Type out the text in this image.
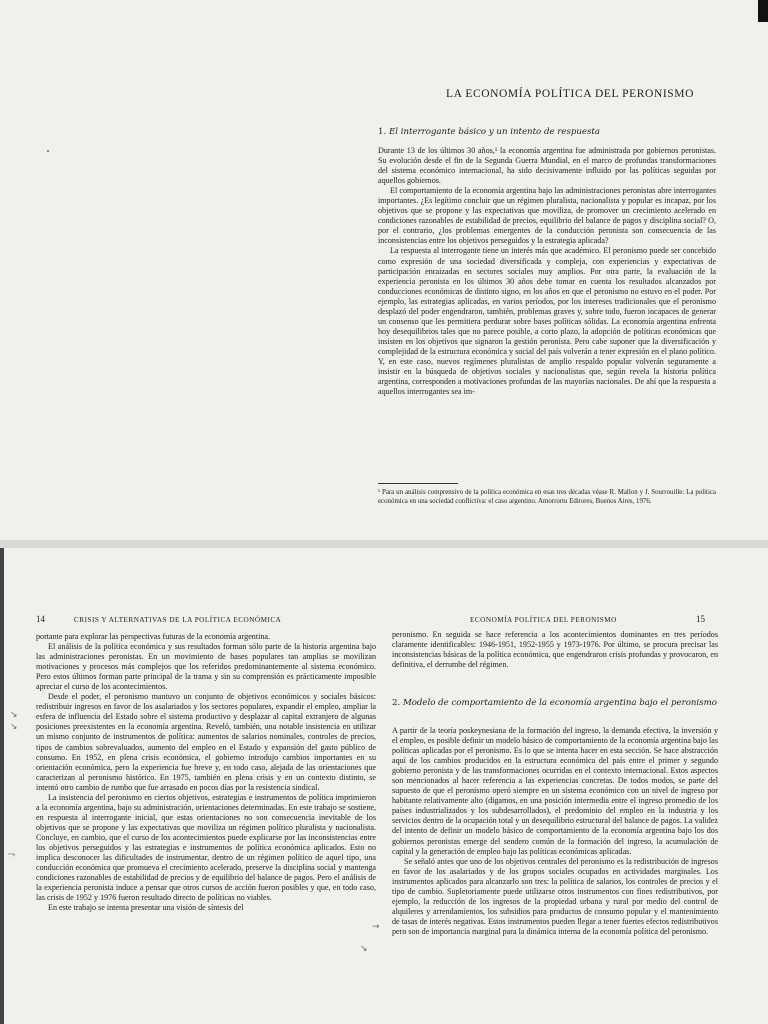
LA ECONOMÍA POLÍTICA DEL PERONISMO
1. El interrogante básico y un intento de respuesta

Durante 13 de los últimos 30 años,¹ la economía argentina fue administrada por gobiernos peronistas. Su evolución desde el fin de la Segunda Guerra Mundial, en el marco de profundas transformaciones del sistema económico internacional, ha sido decisivamente influido por las políticas seguidas por aquellos gobiernos.

El comportamiento de la economía argentina bajo las administraciones peronistas abre interrogantes importantes. ¿Es legítimo concluir que un régimen pluralista, nacionalista y popular es incapaz, por los objetivos que se propone y las expectativas que moviliza, de promover un crecimiento acelerado en condiciones razonables de estabilidad de precios, equilibrio del balance de pagos y disciplina social? O, por el contrario, ¿los problemas emergentes de la conducción peronista son consecuencia de las inconsistencias entre los objetivos perseguidos y la estrategia aplicada?

La respuesta al interrogante tiene un interés más que académico. El peronismo puede ser concebido como expresión de una sociedad diversificada y compleja, con experiencias y expectativas de participación enraizadas en sectores sociales muy amplios. Por otra parte, la evaluación de la experiencia peronista en los últimos 30 años debe tomar en cuenta los resultados alcanzados por conducciones económicas de distinto signo, en los años en que el peronismo no estuvo en el poder. Por ejemplo, las estrategias aplicadas, en varios períodos, por los intereses tradicionales que el peronismo desplazó del poder engendraron, también, problemas graves y, sobre todo, fueron incapaces de generar un consenso que les permitiera perdurar sobre bases políticas sólidas. La economía argentina enfrenta hoy desequilibrios tales que no parece posible, a corto plazo, la adopción de políticas económicas que insisten en los objetivos que signaron la gestión peronista. Pero cabe suponer que la diversificación y complejidad de la estructura económica y social del país volverán a tener expresión en el plano político. Y, en este caso, nuevos regímenes pluralistas de amplio respaldo popular volverán seguramente a insistir en la búsqueda de objetivos sociales y nacionalistas que, según revela la historia política argentina, corresponden a motivaciones profundas de las mayorías nacionales. De ahí que la respuesta a aquellos interrogantes sea im-

¹ Para un análisis comprensivo de la política económica en esas tres décadas véase R. Mallon y J. Sourrouille: La política económica en una sociedad conflictiva: el caso argentino. Amorrortu Editores, Buenos Aires, 1976.
14	CRISIS Y ALTERNATIVAS DE LA POLÍTICA ECONÓMICA

portante para explorar las perspectivas futuras de la economía argentina.

El análisis de la política económica y sus resultados forman sólo parte de la historia argentina bajo las administraciones peronistas. En un movimiento de bases populares tan amplias se movilizan motivaciones y procesos más complejos que los referidos predominantemente al sistema económico. Pero estos últimos forman parte principal de la trama y sin su comprensión es prácticamente imposible apreciar el curso de los acontecimientos.

Desde el poder, el peronismo mantuvo un conjunto de objetivos económicos y sociales básicos: redistribuir ingresos en favor de los asalariados y los sectores populares, expandir el empleo, ampliar la esfera de influencia del Estado sobre el sistema productivo y desplazar al capital extranjero de algunas posiciones preexistentes en la economía argentina. Reveló, también, una notable insistencia en utilizar un mismo conjunto de instrumentos de política: aumentos de salarios nominales, controles de precios, tipos de cambios sobrevaluados, aumento del empleo en el Estado y expansión del gasto público de consumo. En 1952, en plena crisis económica, el gobierno introdujo cambios importantes en su orientación económica, pero la experiencia fue breve y, en todo caso, alejada de las orientaciones que caracterizan al peronismo histórico. En 1975, también en plena crisis y en un contexto distinto, se intentó otro cambio de rumbo que fue arrasado en pocos días por la resistencia sindical.

La insistencia del peronismo en ciertos objetivos, estrategias e instrumentos de política imprimieron a la economía argentina, bajo su administración, orientaciones determinadas. En este trabajo se sostiene, en respuesta al interrogante inicial, que estas orientaciones no son consecuencia inevitable de los objetivos que se propone y las expectativas que moviliza un régimen político pluralista y nacionalista. Concluye, en cambio, que el curso de los acontecimientos puede explicarse por las inconsistencias entre los objetivos perseguidos y las estrategias e instrumentos de política económica aplicados. Esto no implica desconocer las dificultades de instrumentar, dentro de un régimen político de aquel tipo, una conducción económica que promueva el crecimiento acelerado, preserve la disciplina social y mantenga condiciones razonables de estabilidad de precios y de equilibrio del balance de pagos. Pero el análisis de la experiencia peronista induce a pensar que otros cursos de acción fueron posibles y que, en todo caso, las crisis de 1952 y 1976 fueron resultado directo de políticas no viables.

En este trabajo se intenta presentar una visión de síntesis del

ECONOMÍA POLÍTICA DEL PERONISMO	15

peronismo. En seguida se hace referencia a los acontecimientos dominantes en tres períodos claramente identificables: 1946-1951, 1952-1955 y 1973-1976. Por último, se procura precisar las inconsistencias básicas de la política económica, que engendraron crisis profundas y provocaron, en definitiva, el derrumbe del régimen.

2. Modelo de comportamiento de la economía argentina bajo el peronismo

A partir de la teoría poskeynesiana de la formación del ingreso, la demanda efectiva, la inversión y el empleo, es posible definir un modelo básico de comportamiento de la economía argentina bajo las políticas aplicadas por el peronismo. Es lo que se intenta hacer en esta sección. Se hace abstracción aquí de los cambios producidos en la estructura económica del país entre el primer y segundo gobierno peronista y de las transformaciones ocurridas en el contexto internacional. Estos aspectos son mencionados al hacer referencia a las experiencias concretas. De todos modos, se parte del supuesto de que el peronismo operó siempre en un sistema económico con un nivel de ingreso por habitante relativamente alto (digamos, en una posición intermedia entre el ingreso promedio de los países industrializados y los subdesarrollados), el predominio del empleo en la industria y los servicios dentro de la ocupación total y un desequilibrio estructural del balance de pagos. La validez del intento de definir un modelo básico de comportamiento de la economía argentina bajo los dos gobiernos peronistas emerge del sendero común de la formación del ingreso, la acumulación de capital y la generación de empleo bajo las políticas económicas aplicadas.

Se señaló antes que uno de los objetivos centrales del peronismo es la redistribución de ingresos en favor de los asalariados y de los grupos sociales ocupados en actividades marginales. Los instrumentos aplicados para alcanzarlo son tres: la política de salarios, los controles de precios y el tipo de cambio. Supletoriamente puede utilizarse otros instrumentos con fines redistributivos, por ejemplo, la reducción de los ingresos de la propiedad urbana y rural por medio del control de alquileres y arrendamientos, los subsidios para productos de consumo popular y el mantenimiento de tasas de interés negativas. Estos instrumentos pueden llegar a tener fuertes efectos redistributivos pero son de importancia marginal para la dinámica interna de la economía política del peronismo.

↘
↘
⤳
→
↘
